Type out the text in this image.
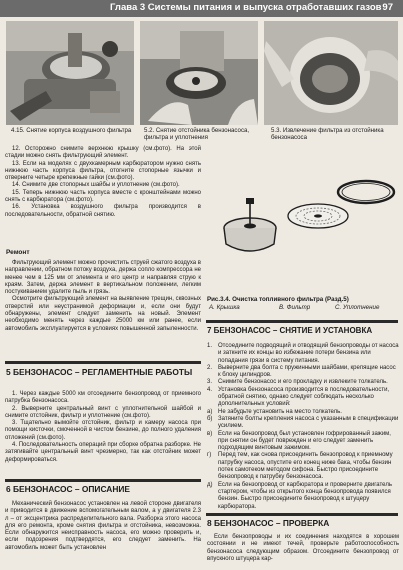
Глава 3 Системы питания и выпуска отработавших газов 97
4.15. Снятие корпуса воздушного фильтра	5.2. Снятие отстойника бензонасоса, фильтра и уплотнения
5.3. Извлечение фильтра из отстойника бензонасоса

12. Осторожно снимите верхнюю крышку (см.фото). На этой стадии можно снять фильтрующий элемент.

13. Если на моделях с двухкамерным карбюратором нужно снять нижнюю часть корпуса фильтра, отогните стопорные язычки и отверните четыре крепежные гайки (см.фото).

14. Снимите две стопорных шайбы и уплотнение (см.фото).

15. Теперь нижнюю часть корпуса вместе с кронштейнами можно снять с карбюратора (см.фото).

16. Установка воздушного фильтра производится в последовательности, обратной снятию.

Ремонт

Фильтрующий элемент можно прочистить струей сжатого воздуха в направлении, обратном потоку воздуха, держа сопло компрессора не менее чем в 125 мм от элемента и его центр и направляя струю к краям. Затем, держа элемент в вертикальном положении, легким постукиванием удалите пыль и грязь.

Осмотрите фильтрующий элемент на выявление трещин, сквозных отверстий или неустранимой деформации и, если они будут обнаружены, элемент следует заменить на новый. Элемент необходимо менять через каждые 25000 км или ранее, если автомобиль эксплуатируется в условиях повышенной запыленности.

5 БЕНЗОНАСОС – РЕГЛАМЕНТНЫЕ РАБОТЫ

1. Через каждые 5000 км отсоедините бензопровод от приемного патрубка бензонасоса.

2. Выверните центральный винт с уплотнительной шайбой и снимите отстойник, фильтр и уплотнение (см.фото).

3. Тщательно вымойте отстойник, фильтр и камеру насоса при помощи кисточки, смоченной в чистом бензине, до полного удаления отложений (см.фото).

4. Последовательность операций при сборке обратна разборке. Не затягивайте центральный винт чрезмерно, так как отстойник может деформироваться.

6 БЕНЗОНАСОС – ОПИСАНИЕ

Механический бензонасос установлен на левой стороне двигателя и приводится в движение вспомогательным валом, а у двигателя 2.3 л – от эксцентрика распределительного вала. Разборка этого насоса для его ремонта, кроме снятия фильтра и отстойника, невозможна. Если обнаружится неисправность насоса, его можно проверить и, если подозрения подтвердятся, его следует заменить. На автомобиль может быть установлен

Рис.3.4. Очистка топливного фильтра (Разд.5)
А. Крышка	В. Фильтр	С. Уплотнение
7 БЕНЗОНАСОС – СНЯТИЕ И УСТАНОВКА
1. Отсоедините подводящий и отводящий бензопроводы от насоса и заткните их концы во избежание потери бензина или попадания грязи в систему питания.
2. Выверните два болта с пружинными шайбами, крепящие насос к блоку цилиндров.
3. Снимите бензонасос и его прокладку и извлеките толкатель.
4. Установка бензонасоса производится в последовательности, обратной снятию, однако следует соблюдать несколько дополнительных условий:
а) Не забудьте установить на место толкатель.
б) Затяните болты крепления насоса с указанным в спецификации усилием.
в) Если на бензопровод был установлен гофрированный зажим, при снятии он будет поврежден и его следует заменить подходящим винтовым зажимом.
г)	Перед тем, как снова присоединить бензопровод к приемному патрубку насоса, опустите его конец ниже бака, чтобы бензин потек самотеком методом сифона. Быстро присоедините бензопровод к патрубку бензонасоса.
д) Если на бензопровод от карбюратора и проверните двигатель стартером, чтобы из открытого конца бензопровода появился бензин. Быстро присоедините бензопровод к штуцеру карбюратора.
8 БЕНЗОНАСОС – ПРОВЕРКА

Если бензопроводы и их соединения находятся в хорошем состоянии и не имеют течей, проверьте работоспособность бензонасоса следующим образом. Отсоедините бензопровод от впускного штуцера кар-
